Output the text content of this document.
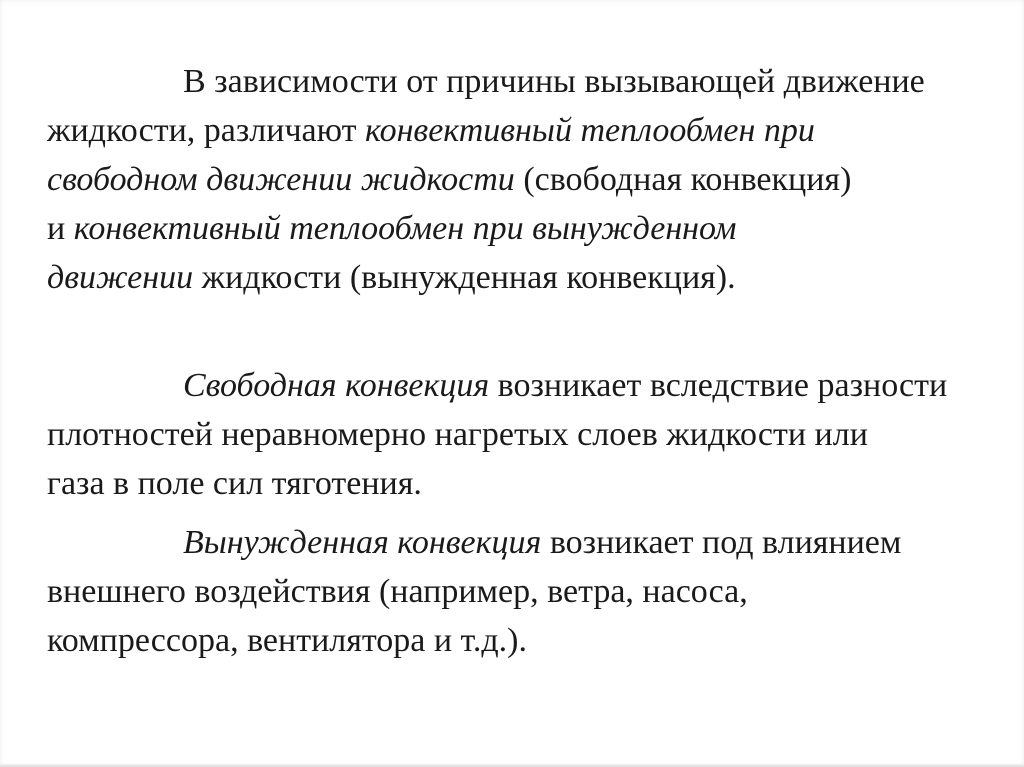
В зависимости от причины вызывающей движение
жидкости, различают конвективный теплообмен при
свободном движении жидкости (свободная конвекция)
и конвективный теплообмен при вынужденном
движении жидкости (вынужденная конвекция).
Свободная конвекция возникает вследствие разности
плотностей неравномерно нагретых слоев жидкости или
газа в поле сил тяготения.
Вынужденная конвекция возникает под влиянием
внешнего воздействия (например, ветра, насоса,
компрессора, вентилятора и т.д.).
